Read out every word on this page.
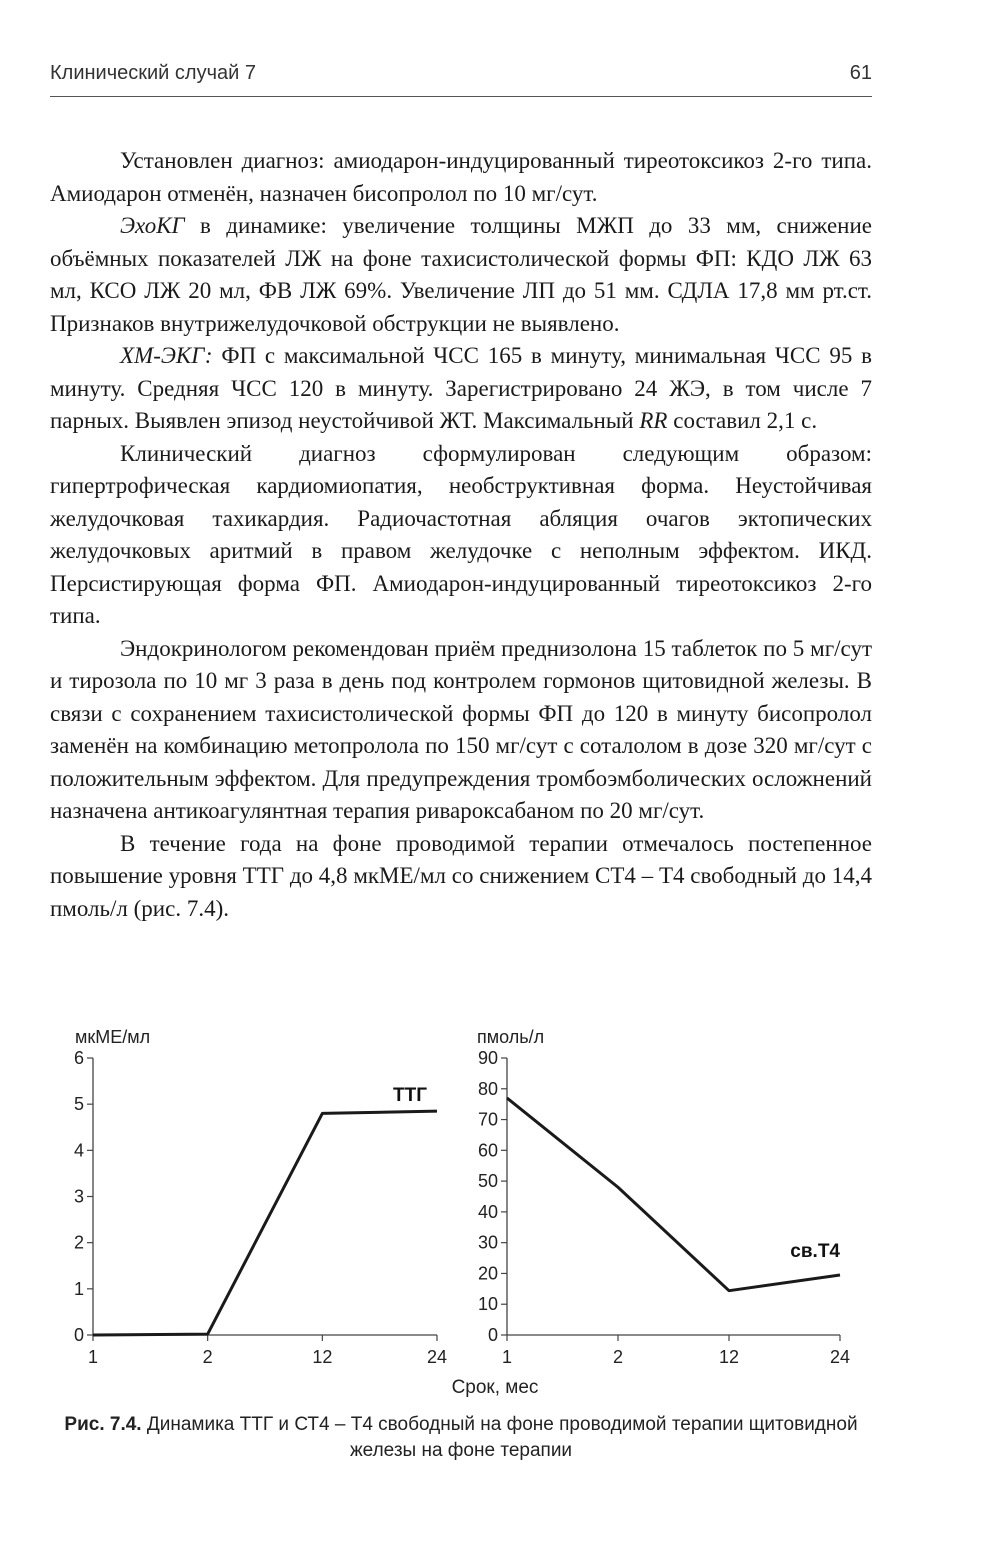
Клинический случай 7	61

Установлен диагноз: амиодарон-индуцированный тиреотоксикоз 2-го типа. Амиодарон отменён, назначен бисопролол по 10 мг/сут.

ЭхоКГ в динамике: увеличение толщины МЖП до 33 мм, снижение объёмных показателей ЛЖ на фоне тахисистолической формы ФП: КДО ЛЖ 63 мл, КСО ЛЖ 20 мл, ФВ ЛЖ 69%. Увеличение ЛП до 51 мм. СДЛА 17,8 мм рт.ст. Признаков внутрижелудочковой обструкции не выявлено.

ХМ-ЭКГ: ФП с максимальной ЧСС 165 в минуту, минимальная ЧСС 95 в минуту. Средняя ЧСС 120 в минуту. Зарегистрировано 24 ЖЭ, в том числе 7 парных. Выявлен эпизод неустойчивой ЖТ. Максимальный RR составил 2,1 с.

Клинический диагноз сформулирован следующим образом: гипертрофическая кардиомиопатия, необструктивная форма. Неустойчивая желудочковая тахикардия. Радиочастотная абляция очагов эктопических желудочковых аритмий в правом желудочке с неполным эффектом. ИКД. Персистирующая форма ФП. Амиодарон-индуцированный тиреотоксикоз 2-го типа.

Эндокринологом рекомендован приём преднизолона 15 таблеток по 5 мг/сут и тирозола по 10 мг 3 раза в день под контролем гормонов щитовидной железы. В связи с сохранением тахисистолической формы ФП до 120 в минуту бисопролол заменён на комбинацию метопролола по 150 мг/сут с соталолом в дозе 320 мг/сут с положительным эффектом. Для предупреждения тромбоэмболических осложнений назначена антикоагулянтная терапия ривароксабаном по 20 мг/сут.

В течение года на фоне проводимой терапии отмечалось постепенное повышение уровня ТТГ до 4,8 мкМЕ/мл со снижением СТ4 – Т4 свободный до 14,4 пмоль/л (рис. 7.4).

мкМЕ/мл
0
1
2
3
4
5
6
1	2	12	24
ТТГ
пмоль/л
0
10
20
30
40
50
60
70
80
90
1	2	12	24
св.Т4
Срок, мес
Рис. 7.4. Динамика ТТГ и СТ4 – Т4 свободный на фоне проводимой терапии щитовидной железы на фоне терапии
